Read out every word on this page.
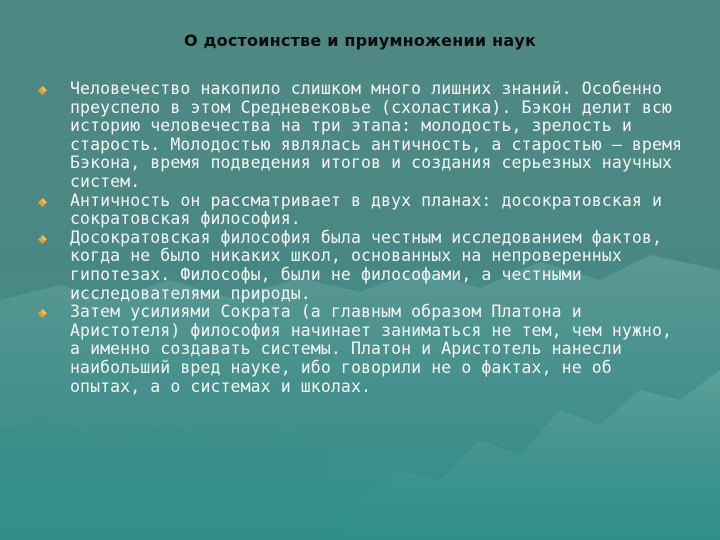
О достоинстве и приумножении наук
Человечество накопило слишком много лишних знаний. Особенно преуспело в этом Средневековье (схоластика). Бэкон делит всю историю человечества на три этапа: молодость, зрелость и старость. Молодостью являлась античность, а старостью – время Бэкона, время подведения итогов и создания серьезных научных систем.
Античность он рассматривает в двух планах: досократовская и сократовская философия.
Досократовская философия была честным исследованием фактов, когда не было никаких школ, основанных на непроверенных гипотезах. Философы, были не философами, а честными исследователями природы.
Затем усилиями Сократа (а главным образом Платона и Аристотеля) философия начинает заниматься не тем, чем нужно, а именно создавать системы. Платон и Аристотель нанесли наибольший вред науке, ибо говорили не о фактах, не об опытах, а о системах и школах.
